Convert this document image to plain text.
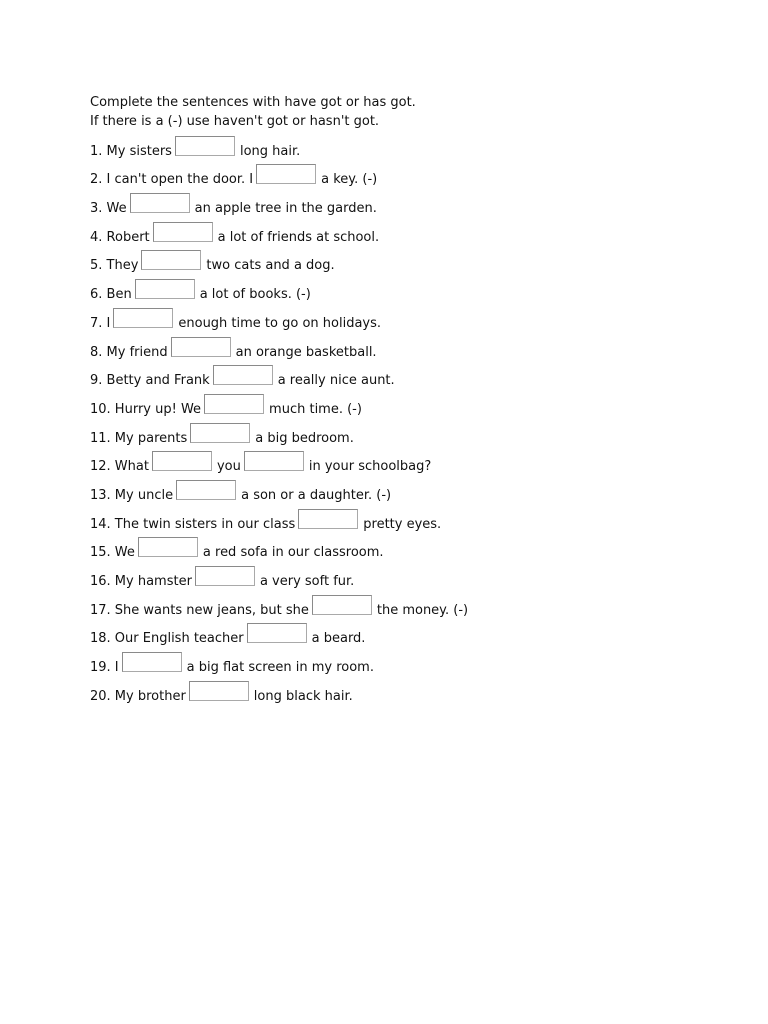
Complete the sentences with have got or has got.
If there is a (-) use haven't got or hasn't got.
1. My sisters	long hair.
2. I can't open the door. I	a key. (-)
3. We	an apple tree in the garden.
4. Robert	a lot of friends at school.
5. They	two cats and a dog.
6. Ben	a lot of books. (-)
7. I	enough time to go on holidays.
8. My friend	an orange basketball.
9. Betty and Frank	a really nice aunt.
10. Hurry up! We	much time. (-)
11. My parents	a big bedroom.
12. What	you	in your schoolbag?
13. My uncle	a son or a daughter. (-)
14. The twin sisters in our class	pretty eyes.
15. We	a red sofa in our classroom.
16. My hamster	a very soft fur.
17. She wants new jeans, but she	the money. (-)
18. Our English teacher	a beard.
19. I	a big flat screen in my room.
20. My brother	long black hair.
